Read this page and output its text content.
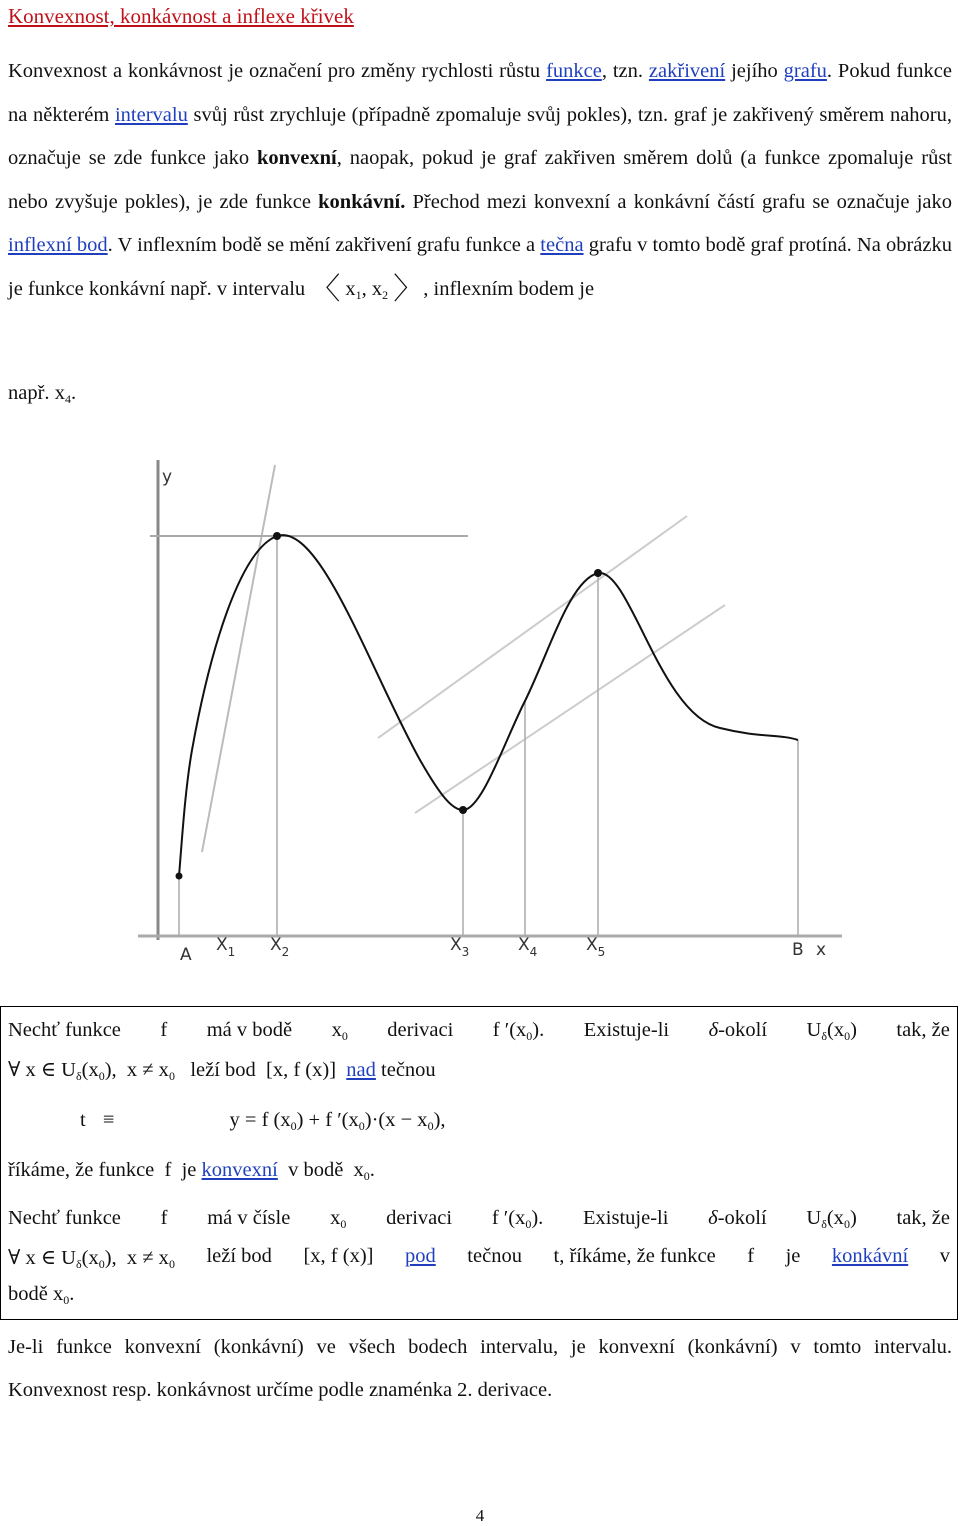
Konvexnost, konkávnost a inflexe křivek
Konvexnost a konkávnost je označení pro změny rychlosti růstu funkce, tzn. zakřivení jejího grafu. Pokud funkce na některém intervalu svůj růst zrychluje (případně zpomaluje svůj pokles), tzn. graf je zakřivený směrem nahoru, označuje se zde funkce jako konvexní, naopak, pokud je graf zakřiven směrem dolů (a funkce zpomaluje růst nebo zvyšuje pokles), je zde funkce konkávní. Přechod mezi konvexní a konkávní částí grafu se označuje jako inflexní bod. V inflexním bodě se mění zakřivení grafu funkce a tečna grafu v tomto bodě graf protíná. Na obrázku je funkce konkávní např. v intervalu 〈 $x_1$, $x_2$ 〉, inflexním bodem je
např. $x_4$.
y
x
A $X_1$ $X_2$	$X_3$	$X_4$	$X_5$	B
Nechť funkce f má v bodě $x_0$ derivaci f $'(x_0)$. Existuje-li δ-okolí $U_\delta(x_0)$ tak, že
∀ x ∈ $U_\delta(x_0)$, $x \ne x_0$ leží bod [x, f (x)] nad tečnou
t ≡	y = f $(x_0) + f$ $'(x_0)\cdot(x - x_0)$,
říkáme, že funkce f je konvexní v bodě $x_0$.
Nechť funkce f má v čísle $x_0$ derivaci f $'(x_0)$. Existuje-li δ-okolí $U_\delta(x_0)$ tak, že
∀ x ∈ $U_\delta(x_0)$, $x \ne x_0$ leží bod [x, f (x)] pod tečnou t, říkáme, že funkce f je konkávní v
bodě $x_0$.
Je-li funkce konvexní (konkávní) ve všech bodech intervalu, je konvexní (konkávní) v tomto intervalu. Konvexnost resp. konkávnost určíme podle znaménka 2. derivace.
4
